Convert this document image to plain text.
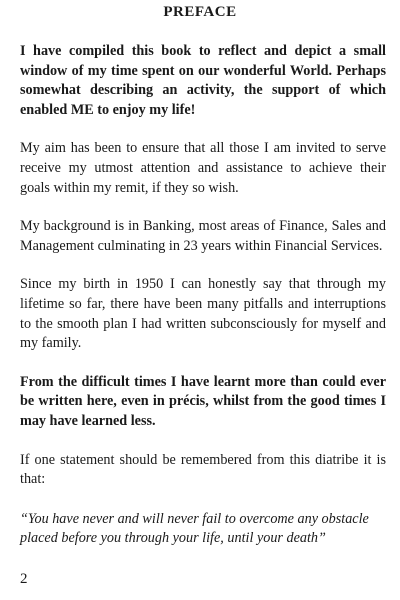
PREFACE

I have compiled this book to reflect and depict a small window of my time spent on our wonderful World. Perhaps somewhat describing an activity, the support of which enabled ME to enjoy my life!

My aim has been to ensure that all those I am invited to serve receive my utmost attention and assistance to achieve their goals within my remit, if they so wish.

My background is in Banking, most areas of Finance, Sales and Management culminating in 23 years within Financial Services.

Since my birth in 1950 I can honestly say that through my lifetime so far, there have been many pitfalls and interruptions to the smooth plan I had written subconsciously for myself and my family.

From the difficult times I have learnt more than could ever be written here, even in précis, whilst from the good times I may have learned less.

If one statement should be remembered from this diatribe it is that:

“You have never and will never fail to overcome any obstacle placed before you through your life, until your death”

2
